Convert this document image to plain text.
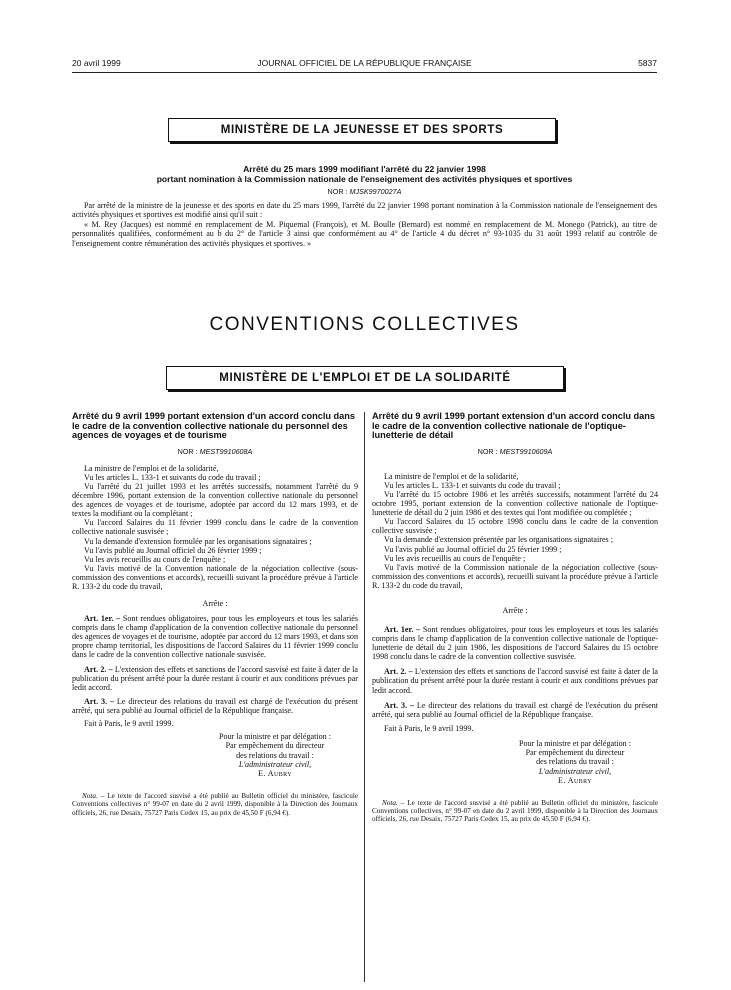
20 avril 1999	JOURNAL OFFICIEL DE LA RÉPUBLIQUE FRANÇAISE	5837
MINISTÈRE DE LA JEUNESSE ET DES SPORTS
Arrêté du 25 mars 1999 modifiant l'arrêté du 22 janvier 1998
portant nomination à la Commission nationale de l'enseignement des activités physiques et sportives
NOR : MJSK9970027A

Par arrêté de la ministre de la jeunesse et des sports en date du 25 mars 1999, l'arrêté du 22 janvier 1998 portant nomination à la Commission nationale de l'enseignement des activités physiques et sportives est modifié ainsi qu'il suit :

« M. Rey (Jacques) est nommé en remplacement de M. Piquemal (François), et M. Boulle (Bernard) est nommé en remplacement de M. Monego (Patrick), au titre de personnalités qualifiées, conformément au b du 2° de l'article 3 ainsi que conformément au 4° de l'article 4 du décret n° 93-1035 du 31 août 1993 relatif au contrôle de l'enseignement contre rémunération des activités physiques et sportives. »

CONVENTIONS COLLECTIVES
MINISTÈRE DE L'EMPLOI ET DE LA SOLIDARITÉ

Arrêté du 9 avril 1999 portant extension d'un accord conclu dans le cadre de la convention collective nationale du personnel des agences de voyages et de tourisme

NOR : MEST9910608A

La ministre de l'emploi et de la solidarité,

Vu les articles L. 133-1 et suivants du code du travail ;

Vu l'arrêté du 21 juillet 1993 et les arrêtés successifs, notamment l'arrêté du 9 décembre 1996, portant extension de la convention collective nationale du personnel des agences de voyages et de tourisme, adoptée par accord du 12 mars 1993, et de textes la modifiant ou la complétant ;

Vu l'accord Salaires du 11 février 1999 conclu dans le cadre de la convention collective nationale susvisée ;

Vu la demande d'extension formulée par les organisations signataires ;

Vu l'avis publié au Journal officiel du 26 février 1999 ;

Vu les avis recueillis au cours de l'enquête ;

Vu l'avis motivé de la Convention nationale de la négociation collective (sous-commission des conventions et accords), recueilli suivant la procédure prévue à l'article R. 133-2 du code du travail,

Arrête :

Art. 1er. – Sont rendues obligatoires, pour tous les employeurs et tous les salariés compris dans le champ d'application de la convention collective nationale du personnel des agences de voyages et de tourisme, adoptée par accord du 12 mars 1993, et dans son propre champ territorial, les dispositions de l'accord Salaires du 11 février 1999 conclu dans le cadre de la convention collective nationale susvisée.

Art. 2. – L'extension des effets et sanctions de l'accord susvisé est faite à dater de la publication du présent arrêté pour la durée restant à courir et aux conditions prévues par ledit accord.

Art. 3. – Le directeur des relations du travail est chargé de l'exécution du présent arrêté, qui sera publié au Journal officiel de la République française.

Fait à Paris, le 9 avril 1999.

Pour la ministre et par délégation :
Par empêchement du directeur
des relations du travail :
L'administrateur civil,
E. Aubry

Nota. – Le texte de l'accord susvisé a été publié au Bulletin officiel du ministère, fascicule Conventions collectives n° 99-07 en date du 2 avril 1999, disponible à la Direction des Journaux officiels, 26, rue Desaix, 75727 Paris Cedex 15, au prix de 45,50 F (6,94 €).

Arrêté du 9 avril 1999 portant extension d'un accord conclu dans le cadre de la convention collective nationale de l'optique-lunetterie de détail

NOR : MEST9910609A

La ministre de l'emploi et de la solidarité,

Vu les articles L. 133-1 et suivants du code du travail ;

Vu l'arrêté du 15 octobre 1986 et les arrêtés successifs, notamment l'arrêté du 24 octobre 1995, portant extension de la convention collective nationale de l'optique-lunetterie de détail du 2 juin 1986 et des textes qui l'ont modifiée ou complétée ;

Vu l'accord Salaires du 15 octobre 1998 conclu dans le cadre de la convention collective susvisée ;

Vu la demande d'extension présentée par les organisations signataires ;

Vu l'avis publié au Journal officiel du 25 février 1999 ;

Vu les avis recueillis au cours de l'enquête ;

Vu l'avis motivé de la Commission nationale de la négociation collective (sous-commission des conventions et accords), recueilli suivant la procédure prévue à l'article R. 133-2 du code du travail,

Arrête :

Art. 1er. – Sont rendues obligatoires, pour tous les employeurs et tous les salariés compris dans le champ d'application de la convention collective nationale de l'optique-lunetterie de détail du 2 juin 1986, les dispositions de l'accord Salaires du 15 octobre 1998 conclu dans le cadre de la convention collective susvisée.

Art. 2. – L'extension des effets et sanctions de l'accord susvisé est faite à dater de la publication du présent arrêté pour la durée restant à courir et aux conditions prévues par ledit accord.

Art. 3. – Le directeur des relations du travail est chargé de l'exécution du présent arrêté, qui sera publié au Journal officiel de la République française.

Fait à Paris, le 9 avril 1999.

Pour la ministre et par délégation :
Par empêchement du directeur
des relations du travail :
L'administrateur civil,
E. Aubry

Nota. – Le texte de l'accord susvisé a été publié au Bulletin officiel du ministère, fascicule Conventions collectives, n° 99-07 en date du 2 avril 1999, disponible à la Direction des Journaux officiels, 26, rue Desaix, 75727 Paris Cedex 15, au prix de 45,50 F (6,94 €).
